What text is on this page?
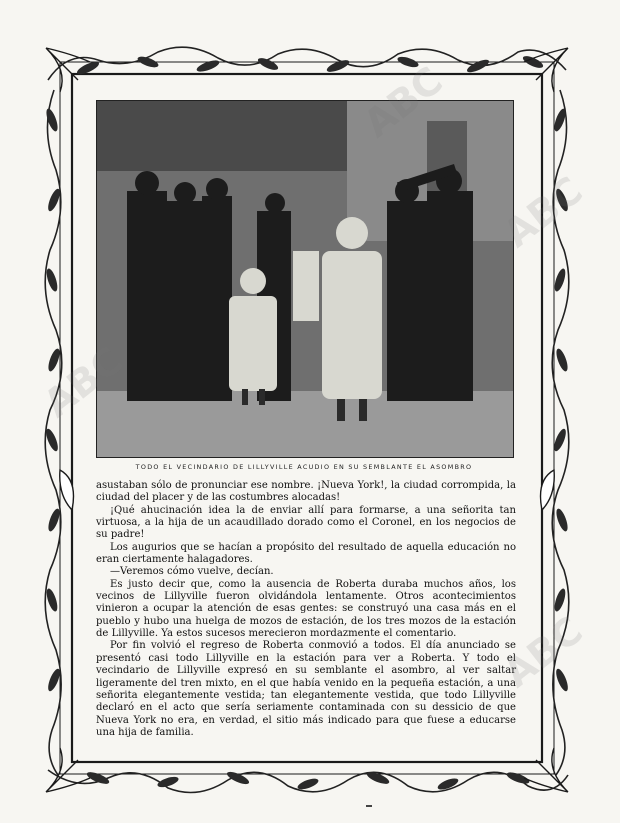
TODO EL VECINDARIO DE LILLYVILLE ACUDIO EN SU SEMBLANTE EL ASOMBRO

asustaban sólo de pronunciar ese nombre. ¡Nueva York!, la ciudad corrompida, la ciudad del placer y de las costumbres alocadas!

¡Qué ahucinación idea la de enviar allí para formarse, a una señorita tan virtuosa, a la hija de un acaudillado dorado como el Coronel, en los negocios de su padre!

Los augurios que se hacían a propósito del resultado de aquella educación no eran ciertamente halagadores.

—Veremos cómo vuelve, decían.

Es justo decir que, como la ausencia de Roberta duraba muchos años, los vecinos de Lillyville fueron olvidándola lentamente. Otros acontecimientos vinieron a ocupar la atención de esas gentes: se construyó una casa más en el pueblo y hubo una huelga de mozos de estación, de los tres mozos de la estación de Lillyville. Ya estos sucesos merecieron mordazmente el comentario.

Por fin volvió el regreso de Roberta conmovió a todos. El día anunciado se presentó casi todo Lillyville en la estación para ver a Roberta. Y todo el vecindario de Lillyville expresó en su semblante el asombro, al ver saltar ligeramente del tren mixto, en el que había venido en la pequeña estación, a una señorita elegantemente vestida; tan elegantemente vestida, que todo Lillyville declaró en el acto que sería seriamente contaminada con su dessicio de que Nueva York no era, en verdad, el sitio más indicado para que fuese a educarse una hija de familia.

ABC
ABC
ABC
